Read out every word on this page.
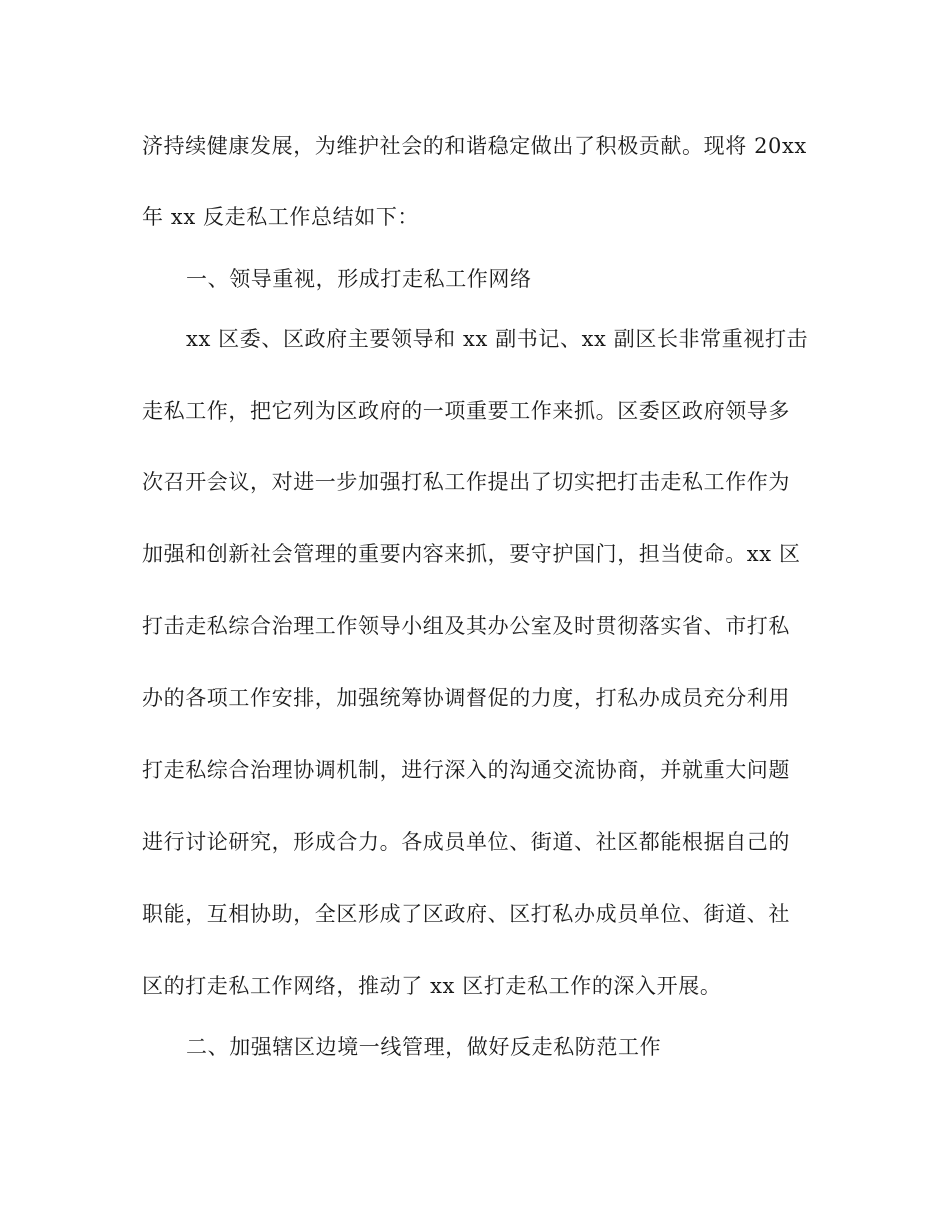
济持续健康发展，为维护社会的和谐稳定做出了积极贡献。现将 20xx
年 xx 反走私工作总结如下：
一、领导重视，形成打走私工作网络
xx 区委、区政府主要领导和 xx 副书记、xx 副区长非常重视打击
走私工作，把它列为区政府的一项重要工作来抓。区委区政府领导多
次召开会议，对进一步加强打私工作提出了切实把打击走私工作作为
加强和创新社会管理的重要内容来抓，要守护国门，担当使命。xx 区
打击走私综合治理工作领导小组及其办公室及时贯彻落实省、市打私
办的各项工作安排，加强统筹协调督促的力度，打私办成员充分利用
打走私综合治理协调机制，进行深入的沟通交流协商，并就重大问题
进行讨论研究，形成合力。各成员单位、街道、社区都能根据自己的
职能，互相协助，全区形成了区政府、区打私办成员单位、街道、社
区的打走私工作网络，推动了 xx 区打走私工作的深入开展。
二、加强辖区边境一线管理，做好反走私防范工作
